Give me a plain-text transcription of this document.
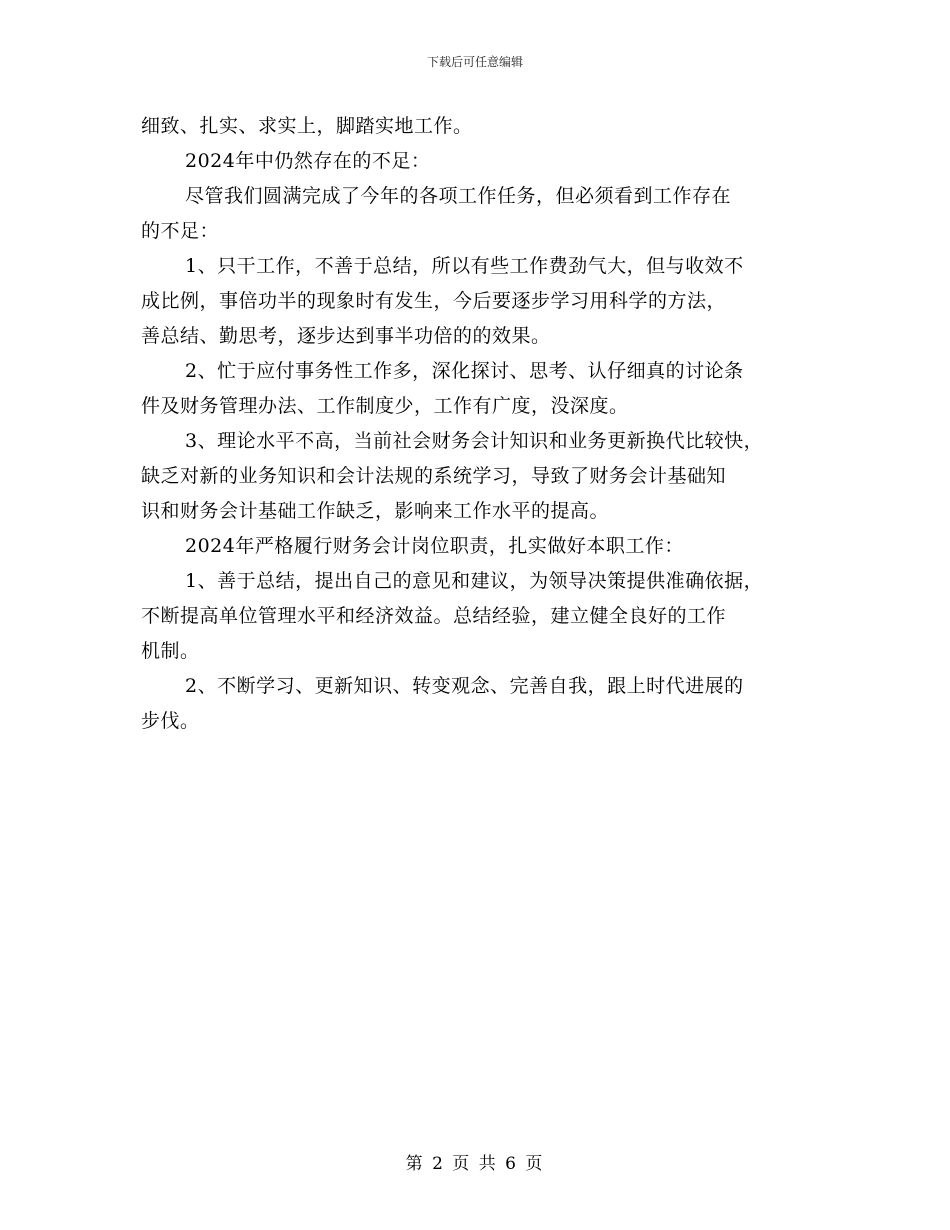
下载后可任意编辑
细致、扎实、求实上，脚踏实地工作。
2024年中仍然存在的不足：
尽管我们圆满完成了今年的各项工作任务，但必须看到工作存在
的不足：
1、只干工作，不善于总结，所以有些工作费劲气大，但与收效不
成比例，事倍功半的现象时有发生，今后要逐步学习用科学的方法，
善总结、勤思考，逐步达到事半功倍的的效果。
2、忙于应付事务性工作多，深化探讨、思考、认仔细真的讨论条
件及财务管理办法、工作制度少，工作有广度，没深度。
3、理论水平不高，当前社会财务会计知识和业务更新换代比较快，
缺乏对新的业务知识和会计法规的系统学习，导致了财务会计基础知
识和财务会计基础工作缺乏，影响来工作水平的提高。
2024年严格履行财务会计岗位职责，扎实做好本职工作：
1、善于总结，提出自己的意见和建议，为领导决策提供准确依据，
不断提高单位管理水平和经济效益。总结经验，建立健全良好的工作
机制。
2、不断学习、更新知识、转变观念、完善自我，跟上时代进展的
步伐。
第 2 页 共 6 页
